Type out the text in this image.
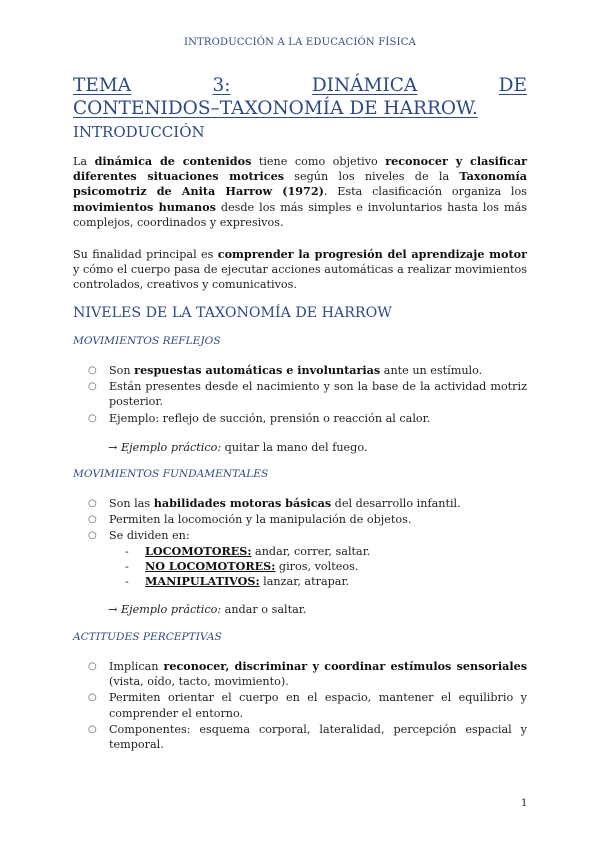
INTRODUCCIÓN A LA EDUCACIÓN FÍSICA
TEMA	3:	DINÁMICA	DE
CONTENIDOS–TAXONOMÍA DE HARROW.
INTRODUCCIÓN

La dinámica de contenidos tiene como objetivo reconocer y clasificar diferentes situaciones motrices según los niveles de la Taxonomía psicomotriz de Anita Harrow (1972). Esta clasificación organiza los movimientos humanos desde los más simples e involuntarios hasta los más complejos, coordinados y expresivos.

Su finalidad principal es comprender la progresión del aprendizaje motor y cómo el cuerpo pasa de ejecutar acciones automáticas a realizar movimientos controlados, creativos y comunicativos.

NIVELES DE LA TAXONOMÍA DE HARROW
MOVIMIENTOS REFLEJOS
○ Son respuestas automáticas e involuntarias ante un estímulo.
○ Están presentes desde el nacimiento y son la base de la actividad motriz posterior.
○ Ejemplo: reflejo de succión, prensión o reacción al calor.
→ Ejemplo práctico: quitar la mano del fuego.
MOVIMIENTOS FUNDAMENTALES
○ Son las habilidades motoras básicas del desarrollo infantil.
○ Permiten la locomoción y la manipulación de objetos.
○ Se dividen en:
- LOCOMOTORES: andar, correr, saltar.
- NO LOCOMOTORES: giros, volteos.
- MANIPULATIVOS: lanzar, atrapar.
→ Ejemplo práctico: andar o saltar.
ACTITUDES PERCEPTIVAS
○ Implican reconocer, discriminar y coordinar estímulos sensoriales (vista, oído, tacto, movimiento).
○ Permiten orientar el cuerpo en el espacio, mantener el equilibrio y comprender el entorno.
○ Componentes: esquema corporal, lateralidad, percepción espacial y temporal.
1
